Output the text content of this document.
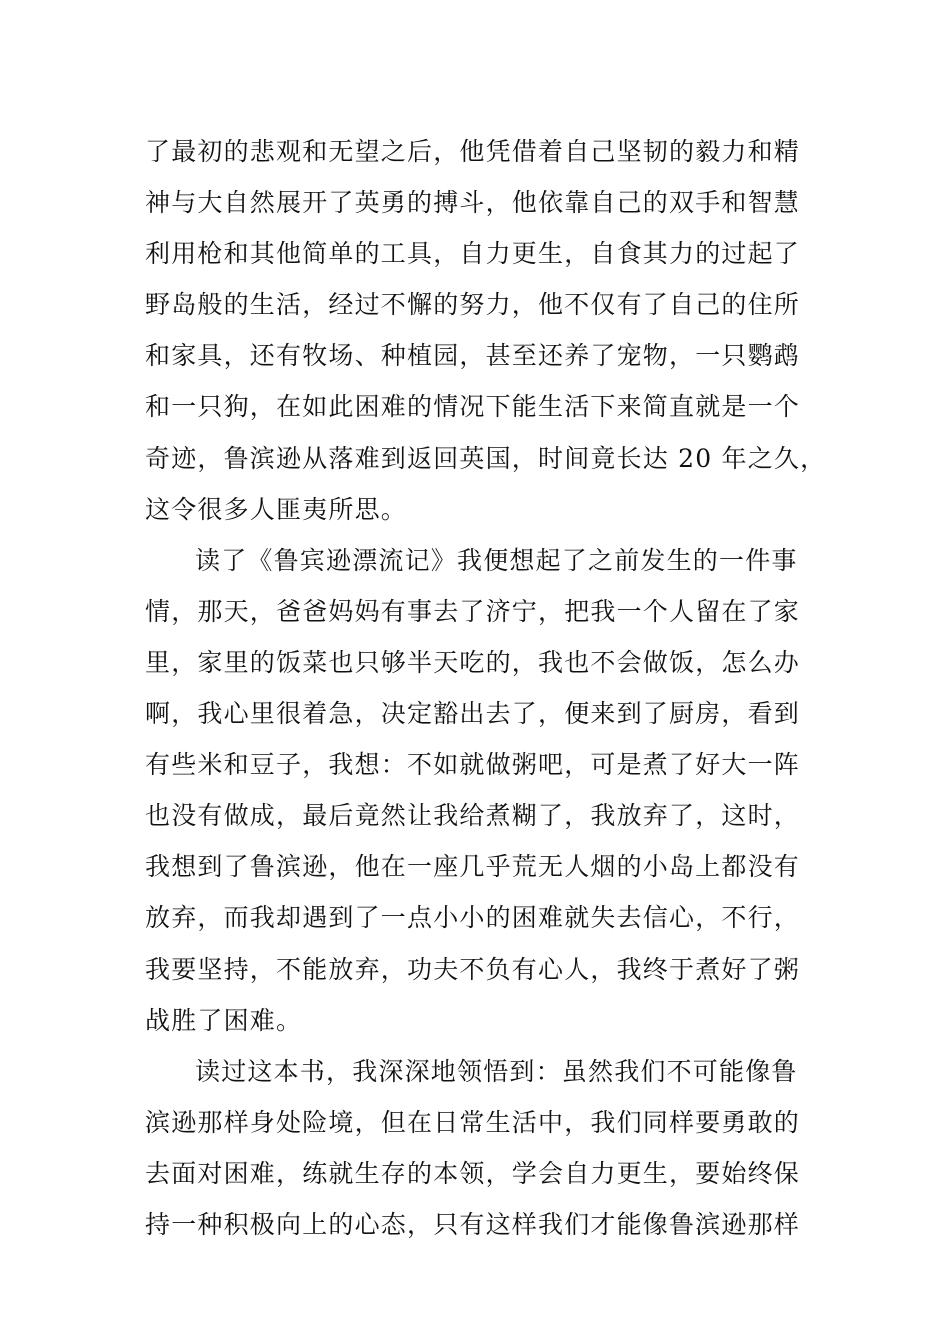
了最初的悲观和无望之后，他凭借着自己坚韧的毅力和精
神与大自然展开了英勇的搏斗，他依靠自己的双手和智慧
利用枪和其他简单的工具，自力更生，自食其力的过起了
野岛般的生活，经过不懈的努力，他不仅有了自己的住所
和家具，还有牧场、种植园，甚至还养了宠物，一只鹦鹉
和一只狗，在如此困难的情况下能生活下来简直就是一个
奇迹，鲁滨逊从落难到返回英国，时间竟长达 20 年之久，
这令很多人匪夷所思。

读了《鲁宾逊漂流记》我便想起了之前发生的一件事
情，那天，爸爸妈妈有事去了济宁，把我一个人留在了家
里，家里的饭菜也只够半天吃的，我也不会做饭，怎么办
啊，我心里很着急，决定豁出去了，便来到了厨房，看到
有些米和豆子，我想：不如就做粥吧，可是煮了好大一阵
也没有做成，最后竟然让我给煮糊了，我放弃了，这时，
我想到了鲁滨逊，他在一座几乎荒无人烟的小岛上都没有
放弃，而我却遇到了一点小小的困难就失去信心，不行，
我要坚持，不能放弃，功夫不负有心人，我终于煮好了粥
战胜了困难。

读过这本书，我深深地领悟到：虽然我们不可能像鲁
滨逊那样身处险境，但在日常生活中，我们同样要勇敢的
去面对困难，练就生存的本领，学会自力更生，要始终保
持一种积极向上的心态，只有这样我们才能像鲁滨逊那样
